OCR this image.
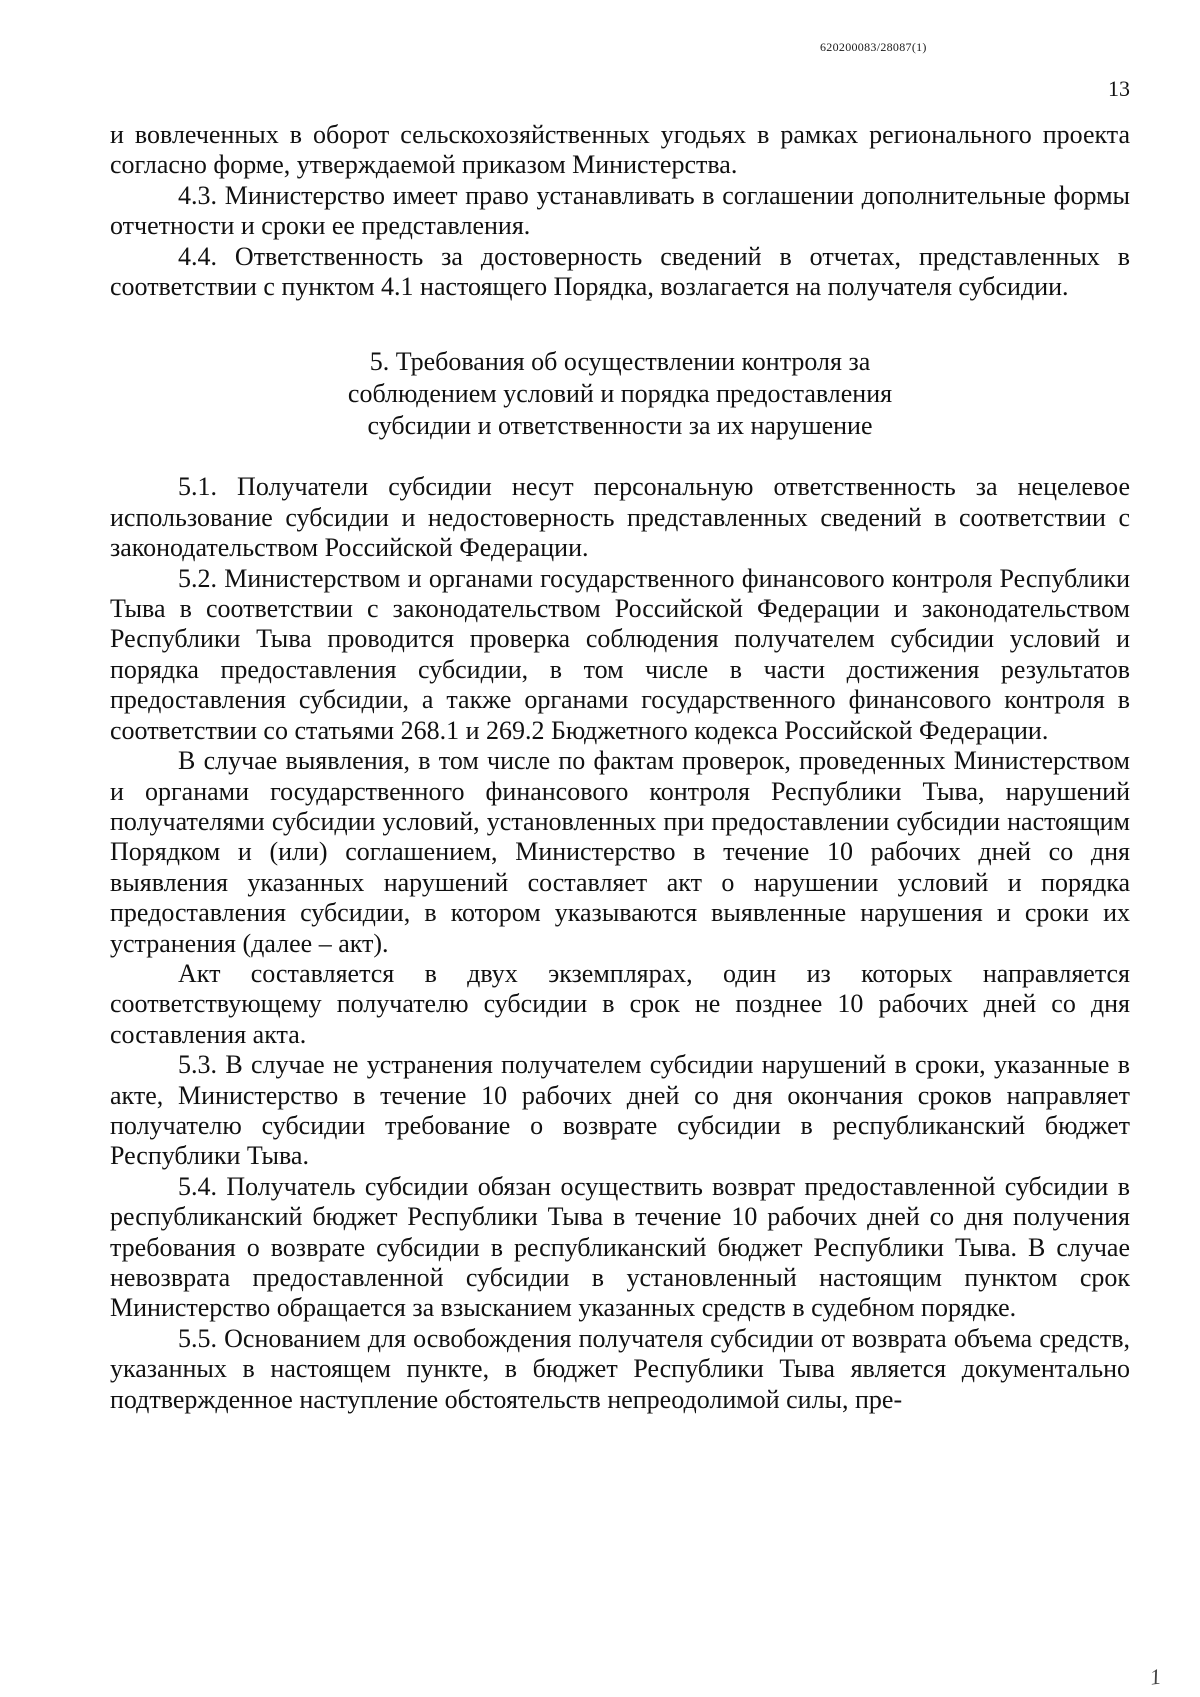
620200083/28087(1)
13

и вовлеченных в оборот сельскохозяйственных угодьях в рамках регионального проекта согласно форме, утверждаемой приказом Министерства.

4.3. Министерство имеет право устанавливать в соглашении дополнительные формы отчетности и сроки ее представления.

4.4. Ответственность за достоверность сведений в отчетах, представленных в соответствии с пунктом 4.1 настоящего Порядка, возлагается на получателя субсидии.

5. Требования об осуществлении контроля за
соблюдением условий и порядка предоставления
субсидии и ответственности за их нарушение

5.1. Получатели субсидии несут персональную ответственность за нецелевое использование субсидии и недостоверность представленных сведений в соответствии с законодательством Российской Федерации.

5.2. Министерством и органами государственного финансового контроля Республики Тыва в соответствии с законодательством Российской Федерации и законодательством Республики Тыва проводится проверка соблюдения получателем субсидии условий и порядка предоставления субсидии, в том числе в части достижения результатов предоставления субсидии, а также органами государственного финансового контроля в соответствии со статьями 268.1 и 269.2 Бюджетного кодекса Российской Федерации.

В случае выявления, в том числе по фактам проверок, проведенных Министерством и органами государственного финансового контроля Республики Тыва, нарушений получателями субсидии условий, установленных при предоставлении субсидии настоящим Порядком и (или) соглашением, Министерство в течение 10 рабочих дней со дня выявления указанных нарушений составляет акт о нарушении условий и порядка предоставления субсидии, в котором указываются выявленные нарушения и сроки их устранения (далее – акт).

Акт составляется в двух экземплярах, один из которых направляется соответствующему получателю субсидии в срок не позднее 10 рабочих дней со дня составления акта.

5.3. В случае не устранения получателем субсидии нарушений в сроки, указанные в акте, Министерство в течение 10 рабочих дней со дня окончания сроков направляет получателю субсидии требование о возврате субсидии в республиканский бюджет Республики Тыва.

5.4. Получатель субсидии обязан осуществить возврат предоставленной субсидии в республиканский бюджет Республики Тыва в течение 10 рабочих дней со дня получения требования о возврате субсидии в республиканский бюджет Республики Тыва. В случае невозврата предоставленной субсидии в установленный настоящим пунктом срок Министерство обращается за взысканием указанных средств в судебном порядке.

5.5. Основанием для освобождения получателя субсидии от возврата объема средств, указанных в настоящем пункте, в бюджет Республики Тыва является документально подтвержденное наступление обстоятельств непреодолимой силы, пре-

1
